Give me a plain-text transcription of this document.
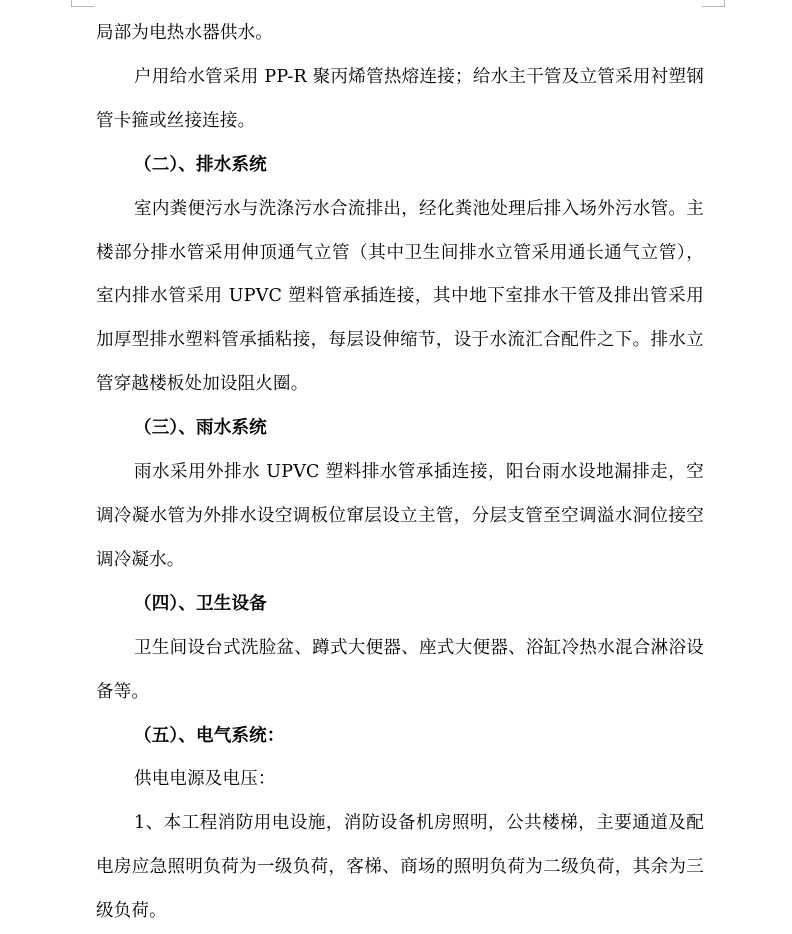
局部为电热水器供水。

户用给水管采用 PP-R 聚丙烯管热熔连接；给水主干管及立管采用衬塑钢管卡箍或丝接连接。

（二）、排水系统

室内粪便污水与洗涤污水合流排出，经化粪池处理后排入场外污水管。主楼部分排水管采用伸顶通气立管（其中卫生间排水立管采用通长通气立管），室内排水管采用 UPVC 塑料管承插连接，其中地下室排水干管及排出管采用加厚型排水塑料管承插粘接，每层设伸缩节，设于水流汇合配件之下。排水立管穿越楼板处加设阻火圈。

（三）、雨水系统

雨水采用外排水 UPVC 塑料排水管承插连接，阳台雨水设地漏排走，空调冷凝水管为外排水设空调板位窜层设立主管，分层支管至空调溢水洞位接空调冷凝水。

（四）、卫生设备

卫生间设台式洗脸盆、蹲式大便器、座式大便器、浴缸冷热水混合淋浴设备等。

（五）、电气系统：

供电电源及电压：

1、本工程消防用电设施，消防设备机房照明，公共楼梯，主要通道及配电房应急照明负荷为一级负荷，客梯、商场的照明负荷为二级负荷，其余为三级负荷。
